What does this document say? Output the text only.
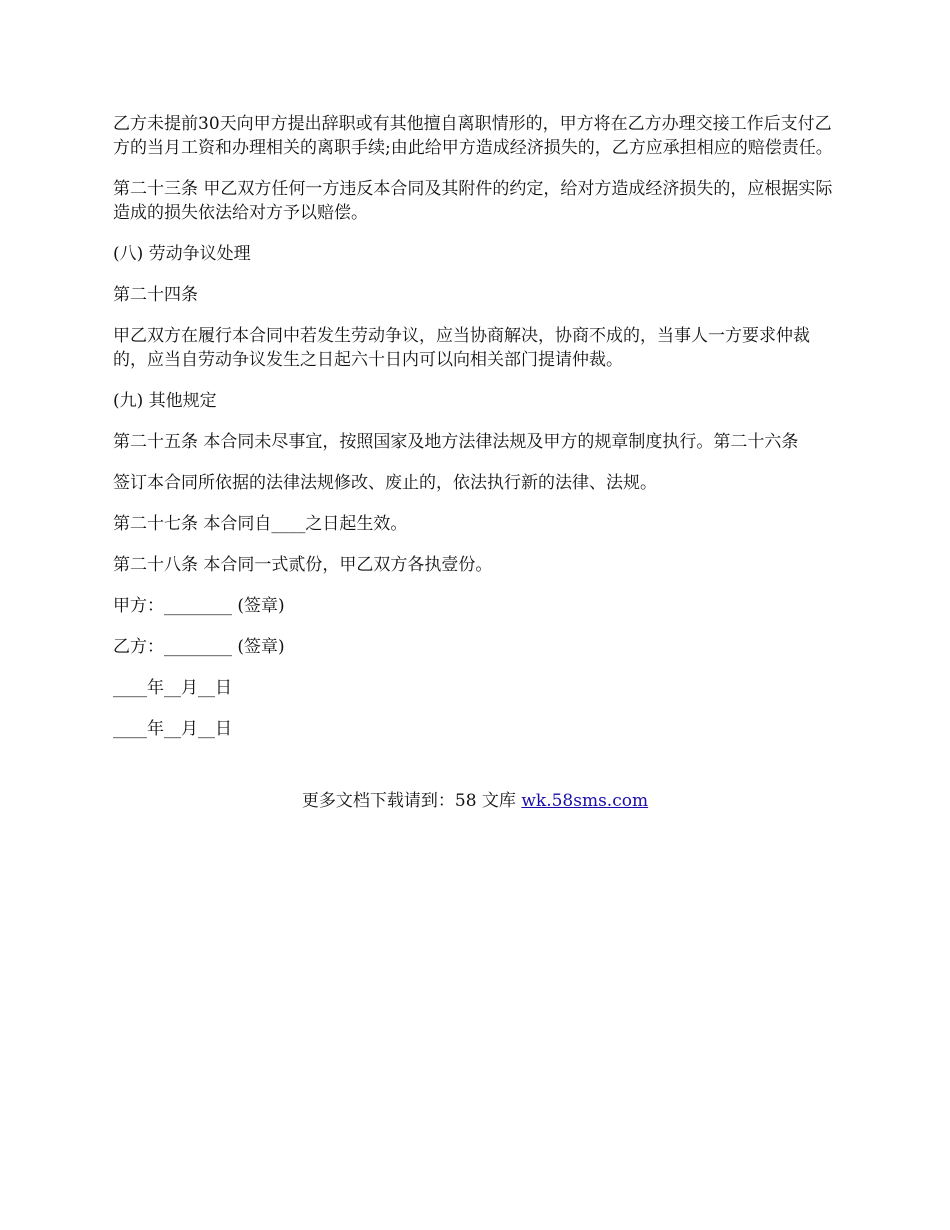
乙方未提前30天向甲方提出辞职或有其他擅自离职情形的，甲方将在乙方办理交接工作后支付乙方的当月工资和办理相关的离职手续;由此给甲方造成经济损失的，乙方应承担相应的赔偿责任。

第二十三条 甲乙双方任何一方违反本合同及其附件的约定，给对方造成经济损失的，应根据实际造成的损失依法给对方予以赔偿。

(八) 劳动争议处理

第二十四条

甲乙双方在履行本合同中若发生劳动争议，应当协商解决，协商不成的，当事人一方要求仲裁的，应当自劳动争议发生之日起六十日内可以向相关部门提请仲裁。

(九) 其他规定

第二十五条 本合同未尽事宜，按照国家及地方法律法规及甲方的规章制度执行。第二十六条

签订本合同所依据的法律法规修改、废止的，依法执行新的法律、法规。

第二十七条 本合同自____之日起生效。

第二十八条 本合同一式贰份，甲乙双方各执壹份。

甲方：________ (签章)

乙方：________ (签章)

____年__月__日

____年__月__日

更多文档下载请到：58 文库 wk.58sms.com
